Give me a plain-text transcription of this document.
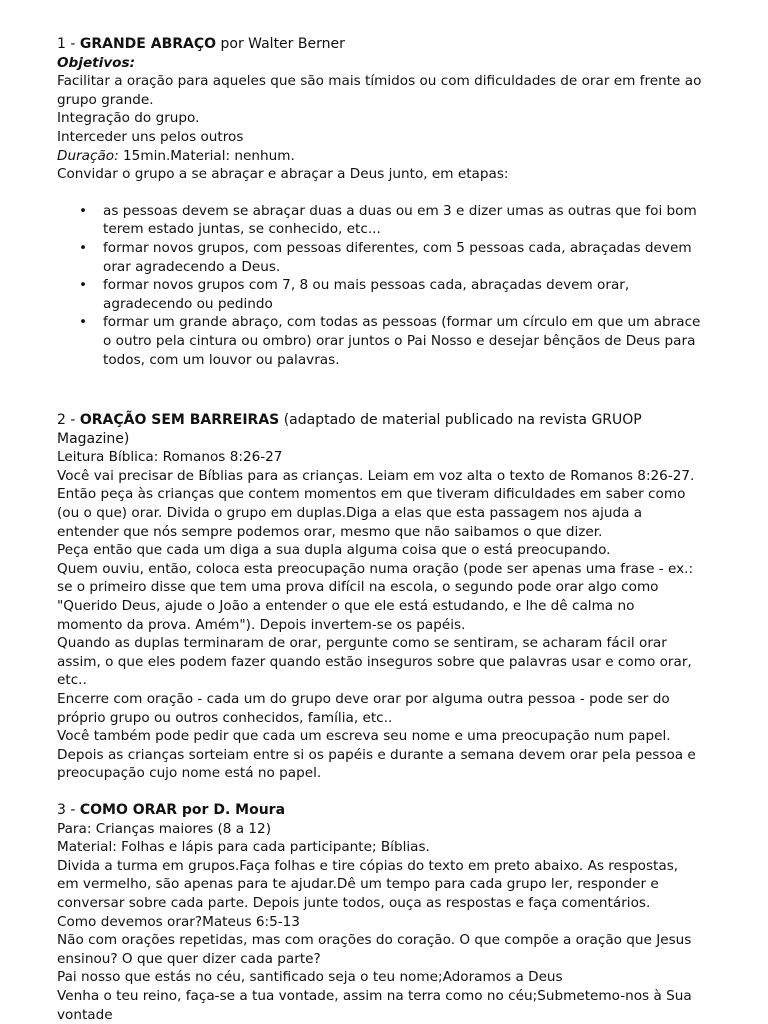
1 - GRANDE ABRAÇO por Walter Berner

Objetivos:

Facilitar a oração para aqueles que são mais tímidos ou com dificuldades de orar em frente ao grupo grande.

Integração do grupo.

Interceder uns pelos outros

Duração: 15min.Material: nenhum.

Convidar o grupo a se abraçar e abraçar a Deus junto, em etapas:

• as pessoas devem se abraçar duas a duas ou em 3 e dizer umas as outras que foi bom terem estado juntas, se conhecido, etc...
• formar novos grupos, com pessoas diferentes, com 5 pessoas cada, abraçadas devem orar agradecendo a Deus.
• formar novos grupos com 7, 8 ou mais pessoas cada, abraçadas devem orar, agradecendo ou pedindo
• formar um grande abraço, com todas as pessoas (formar um círculo em que um abrace o outro pela cintura ou ombro) orar juntos o Pai Nosso e desejar bênçãos de Deus para todos, com um louvor ou palavras.

2 - ORAÇÃO SEM BARREIRAS (adaptado de material publicado na revista GRUOP Magazine)

Leitura Bíblica: Romanos 8:26-27

Você vai precisar de Bíblias para as crianças. Leiam em voz alta o texto de Romanos 8:26-27.

Então peça às crianças que contem momentos em que tiveram dificuldades em saber como (ou o que) orar. Divida o grupo em duplas.Diga a elas que esta passagem nos ajuda a entender que nós sempre podemos orar, mesmo que não saibamos o que dizer.

Peça então que cada um diga a sua dupla alguma coisa que o está preocupando.

Quem ouviu, então, coloca esta preocupação numa oração (pode ser apenas uma frase - ex.: se o primeiro disse que tem uma prova difícil na escola, o segundo pode orar algo como "Querido Deus, ajude o João a entender o que ele está estudando, e lhe dê calma no momento da prova. Amém"). Depois invertem-se os papéis.

Quando as duplas terminaram de orar, pergunte como se sentiram, se acharam fácil orar assim, o que eles podem fazer quando estão inseguros sobre que palavras usar e como orar, etc..

Encerre com oração - cada um do grupo deve orar por alguma outra pessoa - pode ser do próprio grupo ou outros conhecidos, família, etc..

Você também pode pedir que cada um escreva seu nome e uma preocupação num papel. Depois as crianças sorteiam entre si os papéis e durante a semana devem orar pela pessoa e preocupação cujo nome está no papel.

3 - COMO ORAR por D. Moura

Para: Crianças maiores (8 a 12)

Material: Folhas e lápis para cada participante; Bíblias.

Divida a turma em grupos.Faça folhas e tire cópias do texto em preto abaixo. As respostas, em vermelho, são apenas para te ajudar.Dê um tempo para cada grupo ler, responder e conversar sobre cada parte. Depois junte todos, ouça as respostas e faça comentários.

Como devemos orar?Mateus 6:5-13

Não com orações repetidas, mas com orações do coração. O que compõe a oração que Jesus ensinou? O que quer dizer cada parte?

Pai nosso que estás no céu, santificado seja o teu nome;Adoramos a Deus

Venha o teu reino, faça-se a tua vontade, assim na terra como no céu;Submetemo-nos à Sua vontade
